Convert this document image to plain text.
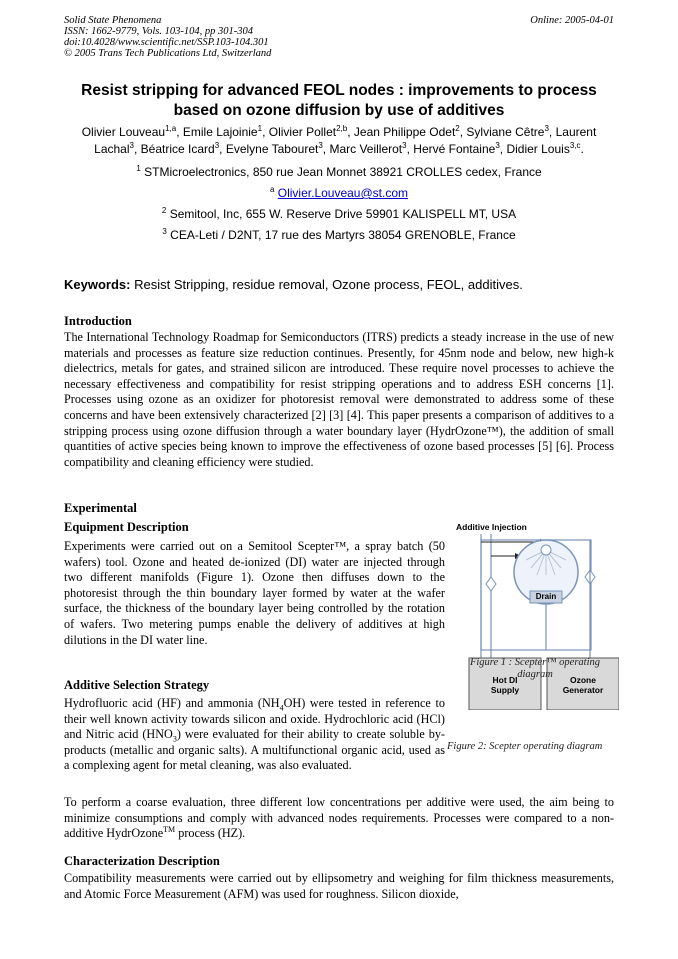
Solid State Phenomena
ISSN: 1662-9779, Vols. 103-104, pp 301-304
doi:10.4028/www.scientific.net/SSP.103-104.301
© 2005 Trans Tech Publications Ltd, Switzerland
Online: 2005-04-01
Resist stripping for advanced FEOL nodes : improvements to process
based on ozone diffusion by use of additives
Olivier Louveau$^{1,a}$, Emile Lajoinie$^1$, Olivier Pollet$^{2,b}$, Jean Philippe Odet$^2$, Sylviane Cêtre$^3$, Laurent Lachal$^3$, Béatrice Icard$^3$, Evelyne Tabouret$^3$, Marc Veillerot$^3$, Hervé Fontaine$^3$, Didier Louis$^{3,c}$.
$^1$ STMicroelectronics, 850 rue Jean Monnet 38921 CROLLES cedex, France
$^a$ Olivier.Louveau@st.com
$^2$ Semitool, Inc, 655 W. Reserve Drive 59901 KALISPELL MT, USA
$^3$ CEA-Leti / D2NT, 17 rue des Martyrs 38054 GRENOBLE, France
Keywords: Resist Stripping, residue removal, Ozone process, FEOL, additives.
Introduction
The International Technology Roadmap for Semiconductors (ITRS) predicts a steady increase in the use of new materials and processes as feature size reduction continues. Presently, for 45nm node and below, new high-k dielectrics, metals for gates, and strained silicon are introduced. These require novel processes to achieve the necessary effectiveness and compatibility for resist stripping operations and to address ESH concerns [1]. Processes using ozone as an oxidizer for photoresist removal were demonstrated to address some of these concerns and have been extensively characterized [2] [3] [4]. This paper presents a comparison of additives to a stripping process using ozone diffusion through a water boundary layer (HydrOzone™), the addition of small quantities of active species being known to improve the effectiveness of ozone based processes [5] [6]. Process compatibility and cleaning efficiency were studied.
Experimental
Equipment Description
Experiments were carried out on a Semitool Scepter™, a spray batch (50 wafers) tool. Ozone and heated de-ionized (DI) water are injected through two different manifolds (Figure 1). Ozone then diffuses down to the photoresist through the thin boundary layer formed by water at the wafer surface, the thickness of the boundary layer being controlled by the rotation of wafers. Two metering pumps enable the delivery of additives at high dilutions in the DI water line.
Additive Selection Strategy
Hydrofluoric acid (HF) and ammonia $(NH_4OH)$ were tested in reference to their well known activity towards silicon and oxide. Hydrochloric acid (HCl) and Nitric acid $(HNO_3)$ were evaluated for their ability to create soluble by-products (metallic and organic salts). A multifunctional organic acid, used as a complexing agent for metal cleaning, was also evaluated.
To perform a coarse evaluation, three different low concentrations per additive were used, the aim being to minimize consumptions and comply with advanced nodes requirements. Processes were compared to a non-additive HydrOzone™ process (HZ).
Characterization Description
Compatibility measurements were carried out by ellipsometry and weighing for film thickness measurements, and Atomic Force Measurement (AFM) was used for roughness. Silicon dioxide,
Additive Injection
Drain
Hot DI Supply
Ozone Generator
Figure 1 : Scepter™ operating diagram
Figure 2: Scepter operating diagram
